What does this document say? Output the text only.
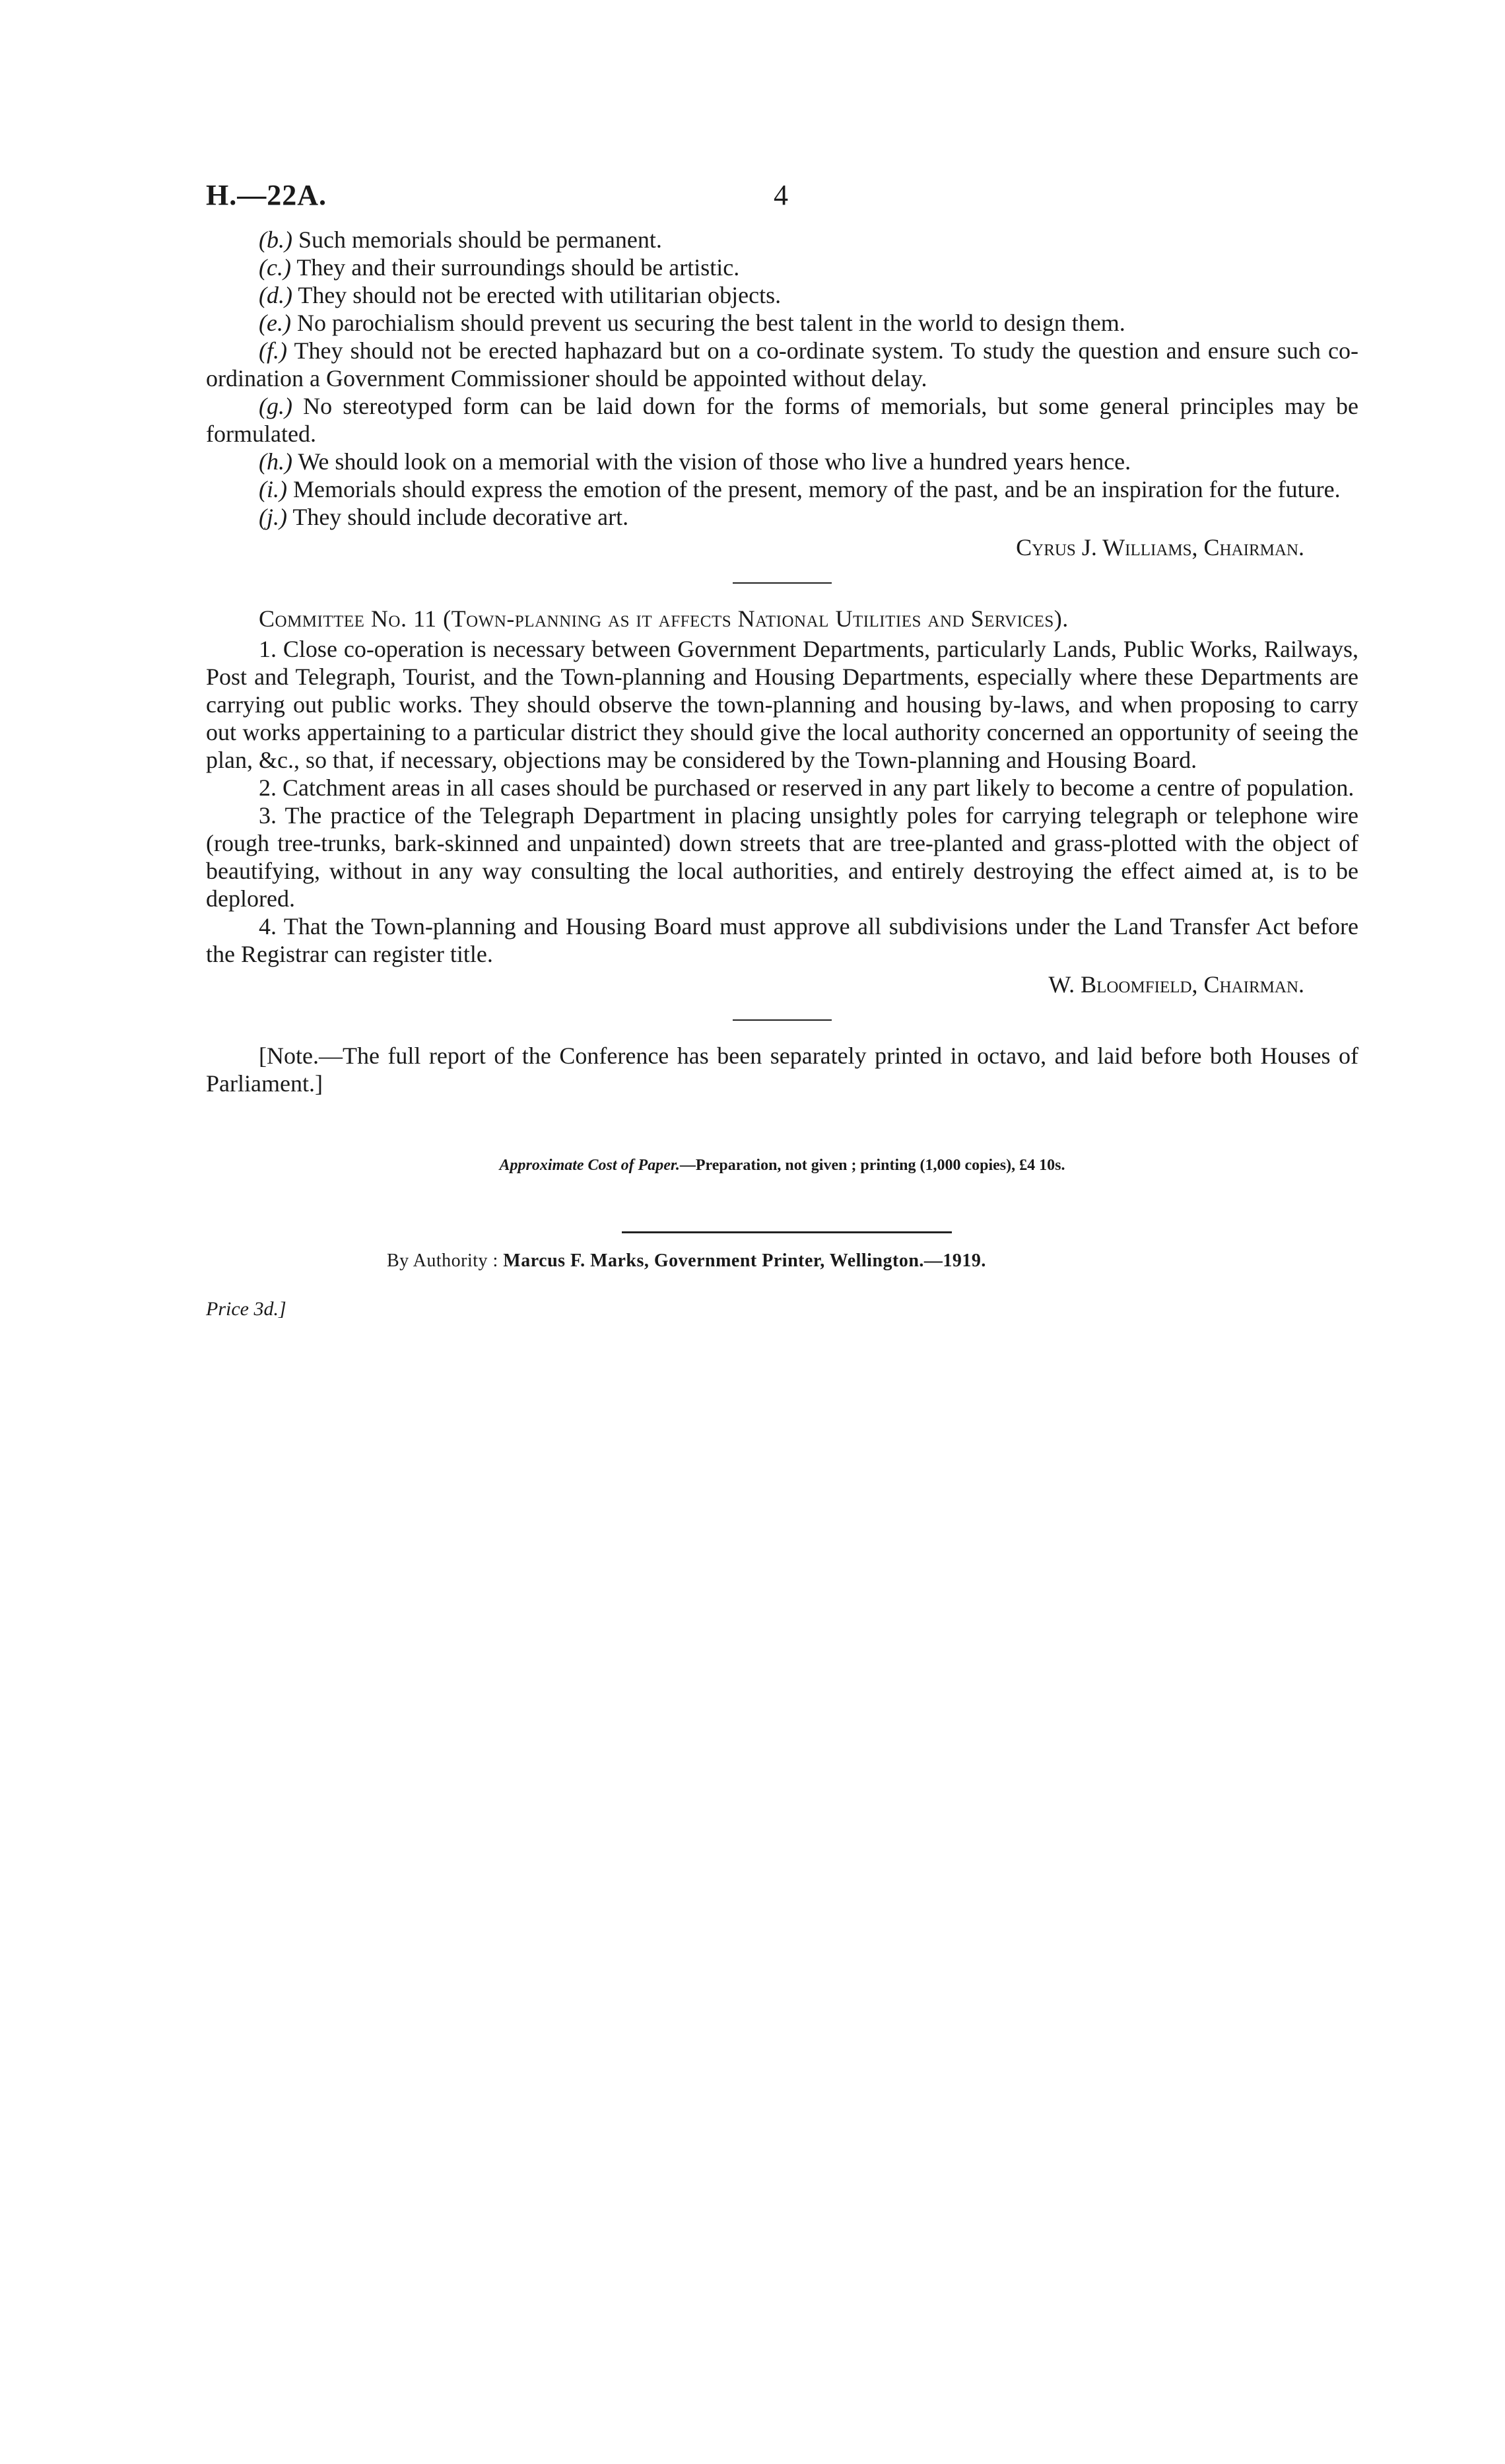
H.—22A.	4

(b.) Such memorials should be permanent.

(c.) They and their surroundings should be artistic.

(d.) They should not be erected with utilitarian objects.

(e.) No parochialism should prevent us securing the best talent in the world to design them.

(f.) They should not be erected haphazard but on a co-ordinate system. To study the question and ensure such co-ordination a Government Commissioner should be appointed without delay.

(g.) No stereotyped form can be laid down for the forms of memorials, but some general principles may be formulated.

(h.) We should look on a memorial with the vision of those who live a hundred years hence.

(i.) Memorials should express the emotion of the present, memory of the past, and be an inspiration for the future.

(j.) They should include decorative art.

Cyrus J. Williams, Chairman.

Committee No. 11 (Town-planning as it affects National Utilities and Services).

1. Close co-operation is necessary between Government Departments, particularly Lands, Public Works, Railways, Post and Telegraph, Tourist, and the Town-planning and Housing Departments, especially where these Departments are carrying out public works. They should observe the town-planning and housing by-laws, and when proposing to carry out works appertaining to a particular district they should give the local authority concerned an opportunity of seeing the plan, &c., so that, if necessary, objections may be considered by the Town-planning and Housing Board.

2. Catchment areas in all cases should be purchased or reserved in any part likely to become a centre of population.

3. The practice of the Telegraph Department in placing unsightly poles for carrying telegraph or telephone wire (rough tree-trunks, bark-skinned and unpainted) down streets that are tree-planted and grass-plotted with the object of beautifying, without in any way consulting the local authorities, and entirely destroying the effect aimed at, is to be deplored.

4. That the Town-planning and Housing Board must approve all subdivisions under the Land Transfer Act before the Registrar can register title.

W. Bloomfield, Chairman.

[Note.—The full report of the Conference has been separately printed in octavo, and laid before both Houses of Parliament.]

Approximate Cost of Paper.—Preparation, not given ; printing (1,000 copies), £4 10s.
By Authority : Marcus F. Marks, Government Printer, Wellington.—1919.
Price 3d.]
